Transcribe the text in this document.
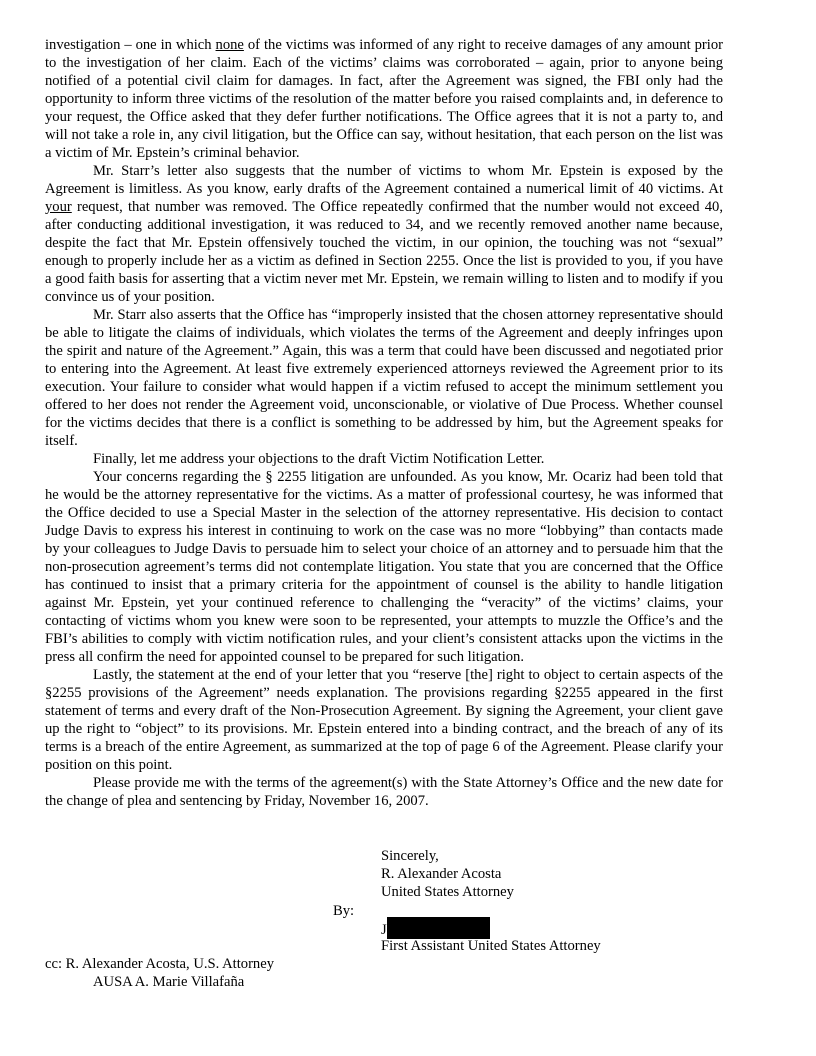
investigation – one in which none of the victims was informed of any right to receive damages of any amount prior to the investigation of her claim. Each of the victims’ claims was corroborated – again, prior to anyone being notified of a potential civil claim for damages. In fact, after the Agreement was signed, the FBI only had the opportunity to inform three victims of the resolution of the matter before you raised complaints and, in deference to your request, the Office asked that they defer further notifications. The Office agrees that it is not a party to, and will not take a role in, any civil litigation, but the Office can say, without hesitation, that each person on the list was a victim of Mr. Epstein’s criminal behavior.

Mr. Starr’s letter also suggests that the number of victims to whom Mr. Epstein is exposed by the Agreement is limitless. As you know, early drafts of the Agreement contained a numerical limit of 40 victims. At your request, that number was removed. The Office repeatedly confirmed that the number would not exceed 40, after conducting additional investigation, it was reduced to 34, and we recently removed another name because, despite the fact that Mr. Epstein offensively touched the victim, in our opinion, the touching was not “sexual” enough to properly include her as a victim as defined in Section 2255. Once the list is provided to you, if you have a good faith basis for asserting that a victim never met Mr. Epstein, we remain willing to listen and to modify if you convince us of your position.

Mr. Starr also asserts that the Office has “improperly insisted that the chosen attorney representative should be able to litigate the claims of individuals, which violates the terms of the Agreement and deeply infringes upon the spirit and nature of the Agreement.” Again, this was a term that could have been discussed and negotiated prior to entering into the Agreement. At least five extremely experienced attorneys reviewed the Agreement prior to its execution. Your failure to consider what would happen if a victim refused to accept the minimum settlement you offered to her does not render the Agreement void, unconscionable, or violative of Due Process. Whether counsel for the victims decides that there is a conflict is something to be addressed by him, but the Agreement speaks for itself.

Finally, let me address your objections to the draft Victim Notification Letter.

Your concerns regarding the § 2255 litigation are unfounded. As you know, Mr. Ocariz had been told that he would be the attorney representative for the victims. As a matter of professional courtesy, he was informed that the Office decided to use a Special Master in the selection of the attorney representative. His decision to contact Judge Davis to express his interest in continuing to work on the case was no more “lobbying” than contacts made by your colleagues to Judge Davis to persuade him to select your choice of an attorney and to persuade him that the non-prosecution agreement’s terms did not contemplate litigation. You state that you are concerned that the Office has continued to insist that a primary criteria for the appointment of counsel is the ability to handle litigation against Mr. Epstein, yet your continued reference to challenging the “veracity” of the victims’ claims, your contacting of victims whom you knew were soon to be represented, your attempts to muzzle the Office’s and the FBI’s abilities to comply with victim notification rules, and your client’s consistent attacks upon the victims in the press all confirm the need for appointed counsel to be prepared for such litigation.

Lastly, the statement at the end of your letter that you “reserve [the] right to object to certain aspects of the §2255 provisions of the Agreement” needs explanation. The provisions regarding §2255 appeared in the first statement of terms and every draft of the Non-Prosecution Agreement. By signing the Agreement, your client gave up the right to “object” to its provisions. Mr. Epstein entered into a binding contract, and the breach of any of its terms is a breach of the entire Agreement, as summarized at the top of page 6 of the Agreement. Please clarify your position on this point.

Please provide me with the terms of the agreement(s) with the State Attorney’s Office and the new date for the change of plea and sentencing by Friday, November 16, 2007.

Sincerely,
R. Alexander Acosta
United States Attorney
By:
J
First Assistant United States Attorney
cc: R. Alexander Acosta, U.S. Attorney
AUSA A. Marie Villafaña
